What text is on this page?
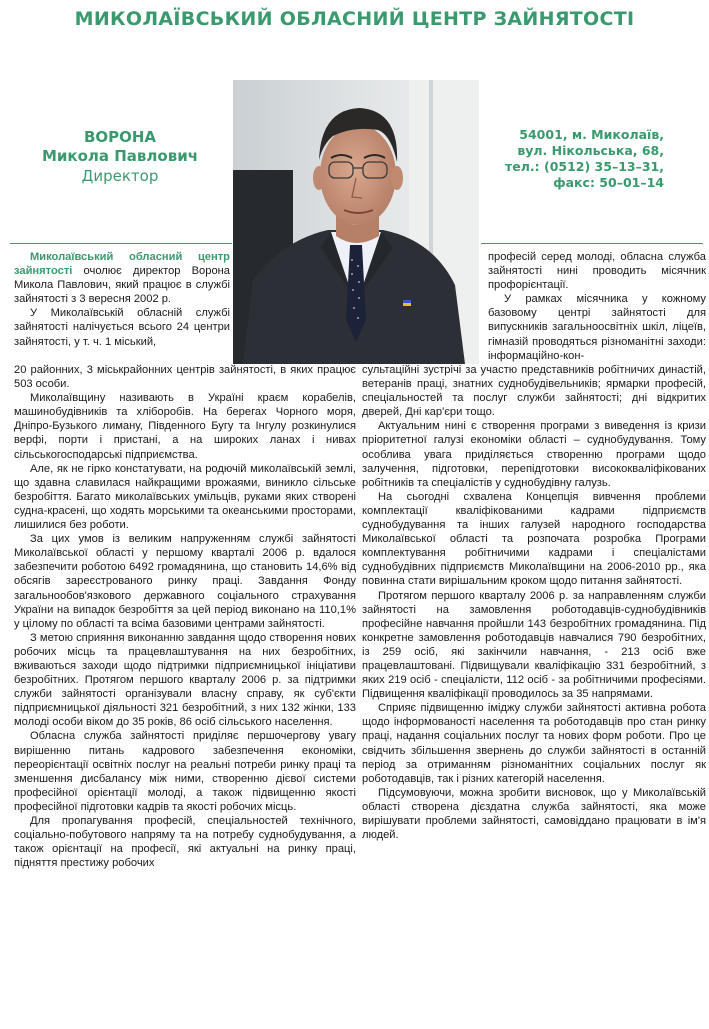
МИКОЛАЇВСЬКИЙ ОБЛАСНИЙ ЦЕНТР ЗАЙНЯТОСТІ
ВОРОНА
Микола Павлович
Директор
54001, м. Миколаїв,
вул. Нікольська, 68,
тел.: (0512) 35–13–31,
факс: 50–01–14

Миколаївський обласний центр зайнятості очолює директор Ворона Микола Павлович, який працює в службі зайнятості з 3 вересня 2002 р.

У Миколаївській обласній службі зайнятості налічується всього 24 центри зайнятості, у т. ч. 1 міський,

20 районних, 3 міськрайонних центрів зайнятості, в яких працює 503 особи.

Миколаївщину називають в Україні краєм корабелів, машинобудівників та хліборобів. На берегах Чорного моря, Дніпро-Бузького лиману, Південного Бугу та Інгулу розкинулися верфі, порти і пристані, а на широких ланах і нивах сільськогосподарські підприємства.

Але, як не гірко констатувати, на родючій миколаївській землі, що здавна славилася найкращими врожаями, виникло сільське безробіття. Багато миколаївських умільців, руками яких створені судна-красені, що ходять морськими та океанськими просторами, лишилися без роботи.

За цих умов із великим напруженням службі зайнятості Миколаївської області у першому кварталі 2006 р. вдалося забезпечити роботою 6492 громадянина, що становить 14,6% від обсягів зареєстрованого ринку праці. Завдання Фонду загальнообов'язкового державного соціального страхування України на випадок безробіття за цей період виконано на 110,1% у цілому по області та всіма базовими центрами зайнятості.

З метою сприяння виконанню завдання щодо створення нових робочих місць та працевлаштування на них безробітних, вживаються заходи щодо підтримки підприємницької ініціативи безробітних. Протягом першого кварталу 2006 р. за підтримки служби зайнятості організували власну справу, як суб'єкти підприємницької діяльності 321 безробітний, з них 132 жінки, 133 молоді особи віком до 35 років, 86 осіб сільського населення.

Обласна служба зайнятості приділяє першочергову увагу вирішенню питань кадрового забезпечення економіки, переорієнтації освітніх послуг на реальні потреби ринку праці та зменшення дисбалансу між ними, створенню дієвої системи професійної орієнтації молоді, а також підвищенню якості професійної підготовки кадрів та якості робочих місць.

Для пропагування професій, спеціальностей технічного, соціально-побутового напряму та на потребу суднобудування, а також орієнтації на професії, які актуальні на ринку праці, підняття престижу робочих

професій серед молоді, обласна служба зайнятості нині проводить місячник профорієнтації.

У рамках місячника у кожному базовому центрі зайнятості для випускників загальноосвітніх шкіл, ліцеїв, гімназій проводяться різноманітні заходи: інформаційно-кон-

сультаційні зустрічі за участю представників робітничих династій, ветеранів праці, знатних суднобудівельників; ярмарки професій, спеціальностей та послуг служби зайнятості; дні відкритих дверей, Дні кар'єри тощо.

Актуальним нині є створення програми з виведення із кризи пріоритетної галузі економіки області – суднобудування. Тому особлива увага приділяється створенню програми щодо залучення, підготовки, перепідготовки висококваліфікованих робітників та спеціалістів у суднобудівну галузь.

На сьогодні схвалена Концепція вивчення проблеми комплектації кваліфікованими кадрами підприємств суднобудування та інших галузей народного господарства Миколаївської області та розпочата розробка Програми комплектування робітничими кадрами і спеціалістами суднобудівних підприємств Миколаївщини на 2006-2010 рр., яка повинна стати вирішальним кроком щодо питання зайнятості.

Протягом першого кварталу 2006 р. за направленням служби зайнятості на замовлення роботодавців-суднобудівників професійне навчання пройшли 143 безробітних громадянина. Під конкретне замовлення роботодавців навчалися 790 безробітних, із 259 осіб, які закінчили навчання, - 213 осіб вже працевлаштовані. Підвищували кваліфікацію 331 безробітний, з яких 219 осіб - спеціалісти, 112 осіб - за робітничими професіями. Підвищення кваліфікації проводилось за 35 напрямами.

Сприяє підвищенню іміджу служби зайнятості активна робота щодо інформованості населення та роботодавців про стан ринку праці, надання соціальних послуг та нових форм роботи. Про це свідчить збільшення звернень до служби зайнятості в останній період за отриманням різноманітних соціальних послуг як роботодавців, так і різних категорій населення.

Підсумовуючи, можна зробити висновок, що у Миколаївській області створена дієздатна служба зайнятості, яка може вирішувати проблеми зайнятості, самовіддано працювати в ім'я людей.
